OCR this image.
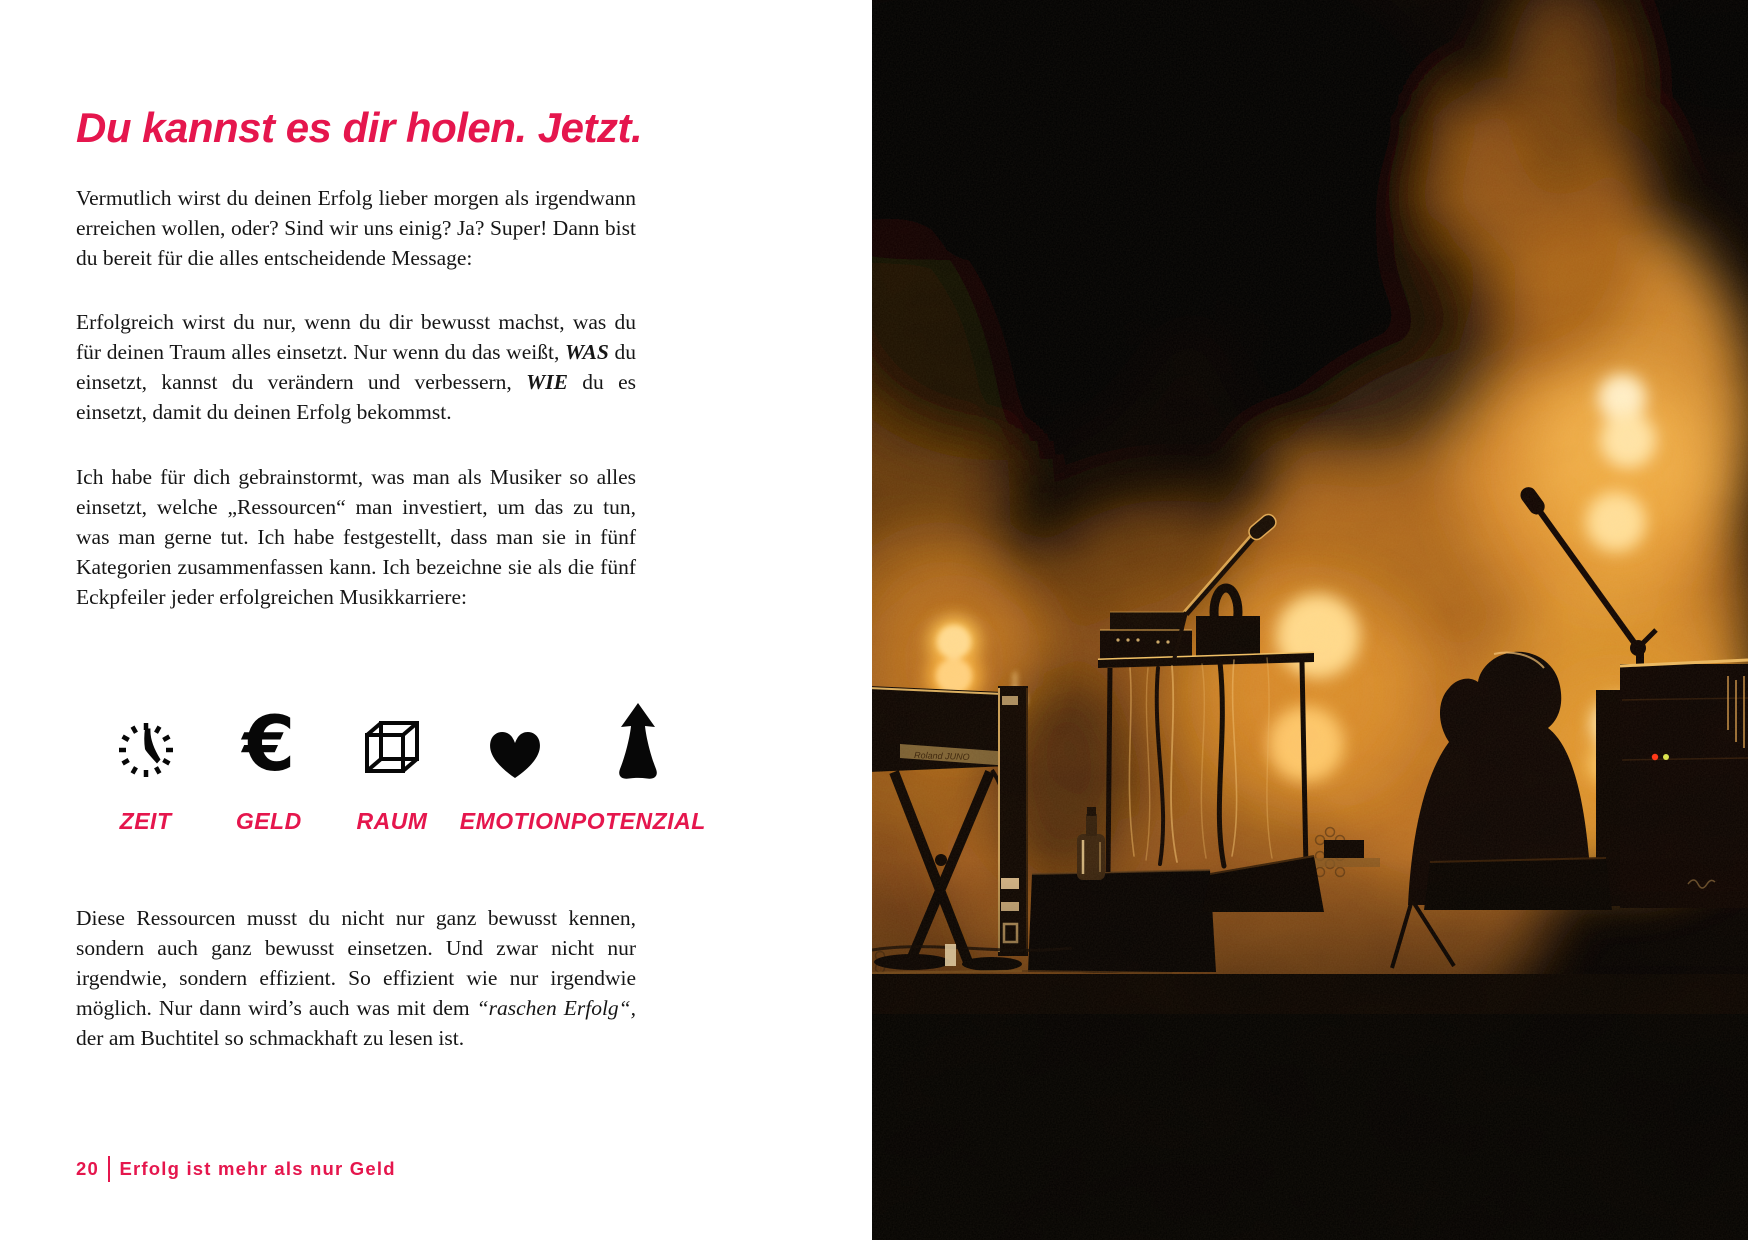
Du kannst es dir holen. Jetzt.

Vermutlich wirst du deinen Erfolg lieber morgen als irgendwann erreichen wollen, oder? Sind wir uns einig? Ja? Super! Dann bist du bereit für die alles entscheidende Message:

Erfolgreich wirst du nur, wenn du dir bewusst machst, was du für deinen Traum alles einsetzt. Nur wenn du das weißt, WAS du einsetzt, kannst du verändern und verbessern, WIE du es einsetzt, damit du deinen Erfolg bekommst.

Ich habe für dich gebrainstormt, was man als Musiker so alles einsetzt, welche „Ressourcen“ man investiert, um das zu tun, was man gerne tut. Ich habe festgestellt, dass man sie in fünf Kategorien zusammenfassen kann. Ich bezeichne sie als die fünf Eckpfeiler jeder erfolgreichen Musikkarriere:

ZEIT
€
GELD RAUM EMOTION POTENZIAL

Diese Ressourcen musst du nicht nur ganz bewusst kennen, sondern auch ganz bewusst einsetzen. Und zwar nicht nur irgendwie, sondern effizient. So effizient wie nur irgendwie möglich. Nur dann wird’s auch was mit dem “raschen Erfolg“, der am Buchtitel so schmackhaft zu lesen ist.

20 Erfolg ist mehr als nur Geld
